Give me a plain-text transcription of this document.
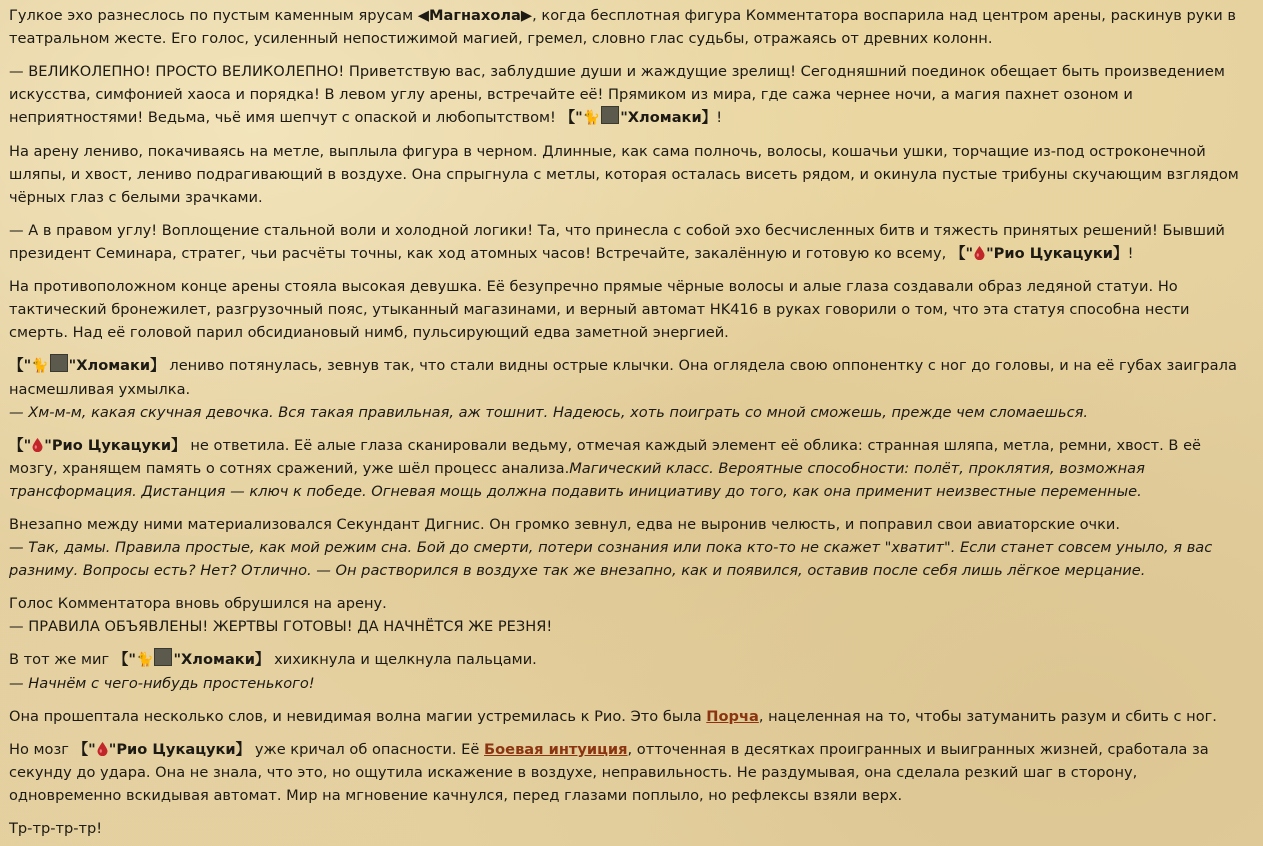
Гулкое эхо разнеслось по пустым каменным ярусам ◀Магнахола▶, когда бесплотная фигура Комментатора воспарила над центром арены, раскинув руки в театральном жесте. Его голос, усиленный непостижимой магией, гремел, словно глас судьбы, отражаясь от древних колонн.

— ВЕЛИКОЛЕПНО! ПРОСТО ВЕЛИКОЛЕПНО! Приветствую вас, заблудшие души и жаждущие зрелищ! Сегодняшний поединок обещает быть произведением искусства, симфонией хаоса и порядка! В левом углу арены, встречайте её! Прямиком из мира, где сажа чернее ночи, а магия пахнет озоном и неприятностями! Ведьма, чьё имя шепчут с опаской и любопытством! 【"🐈 "Хломаки】!

На арену лениво, покачиваясь на метле, выплыла фигура в черном. Длинные, как сама полночь, волосы, кошачьи ушки, торчащие из-под остроконечной шляпы, и хвост, лениво подрагивающий в воздухе. Она спрыгнула с метлы, которая осталась висеть рядом, и окинула пустые трибуны скучающим взглядом чёрных глаз с белыми зрачками.

— А в правом углу! Воплощение стальной воли и холодной логики! Та, что принесла с собой эхо бесчисленных битв и тяжесть принятых решений! Бывший президент Семинара, стратег, чьи расчёты точны, как ход атомных часов! Встречайте, закалённую и готовую ко всему, 【" "Рио Цукацуки】!

На противоположном конце арены стояла высокая девушка. Её безупречно прямые чёрные волосы и алые глаза создавали образ ледяной статуи. Но тактический бронежилет, разгрузочный пояс, утыканный магазинами, и верный автомат HK416 в руках говорили о том, что эта статуя способна нести смерть. Над её головой парил обсидиановый нимб, пульсирующий едва заметной энергией.

【"🐈 "Хломаки】 лениво потянулась, зевнув так, что стали видны острые клычки. Она оглядела свою оппонентку с ног до головы, и на её губах заиграла насмешливая ухмылка.
— Хм-м-м, какая скучная девочка. Вся такая правильная, аж тошнит. Надеюсь, хоть поиграть со мной сможешь, прежде чем сломаешься.

【" "Рио Цукацуки】 не ответила. Её алые глаза сканировали ведьму, отмечая каждый элемент её облика: странная шляпа, метла, ремни, хвост. В её мозгу, хранящем память о сотнях сражений, уже шёл процесс анализа.Магический класс. Вероятные способности: полёт, проклятия, возможная трансформация. Дистанция — ключ к победе. Огневая мощь должна подавить инициативу до того, как она применит неизвестные переменные.

Внезапно между ними материализовался Секундант Дигнис. Он громко зевнул, едва не выронив челюсть, и поправил свои авиаторские очки.
— Так, дамы. Правила простые, как мой режим сна. Бой до смерти, потери сознания или пока кто-то не скажет "хватит". Если станет совсем уныло, я вас разниму. Вопросы есть? Нет? Отлично. — Он растворился в воздухе так же внезапно, как и появился, оставив после себя лишь лёгкое мерцание.

Голос Комментатора вновь обрушился на арену.
— ПРАВИЛА ОБЪЯВЛЕНЫ! ЖЕРТВЫ ГОТОВЫ! ДА НАЧНЁТСЯ ЖЕ РЕЗНЯ!

В тот же миг 【"🐈 "Хломаки】 хихикнула и щелкнула пальцами.
— Начнём с чего-нибудь простенького!

Она прошептала несколько слов, и невидимая волна магии устремилась к Рио. Это была Порча, нацеленная на то, чтобы затуманить разум и сбить с ног.

Но мозг 【" "Рио Цукацуки】 уже кричал об опасности. Её Боевая интуиция, отточенная в десятках проигранных и выигранных жизней, сработала за секунду до удара. Она не знала, что это, но ощутила искажение в воздухе, неправильность. Не раздумывая, она сделала резкий шаг в сторону, одновременно вскидывая автомат. Мир на мгновение качнулся, перед глазами поплыло, но рефлексы взяли верх.

Тр-тр-тр-тр!
